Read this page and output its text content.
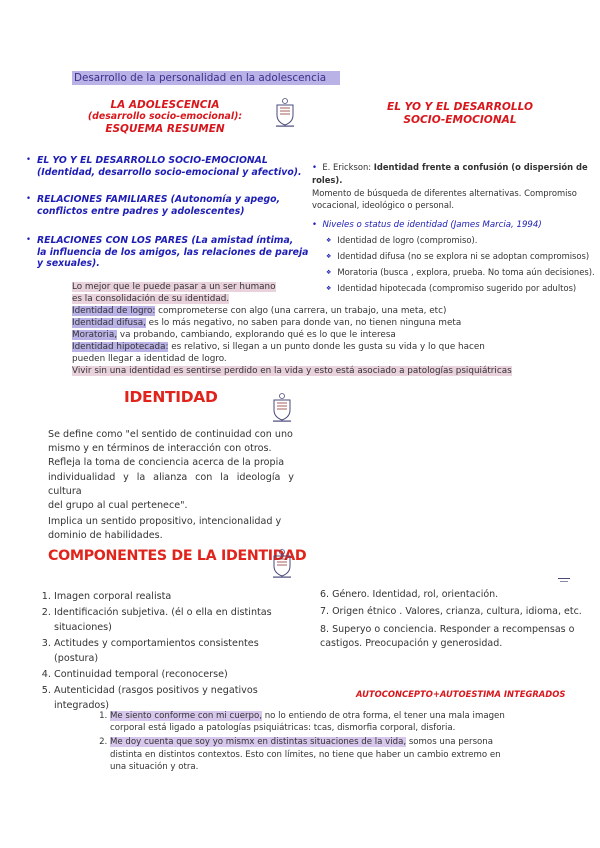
Desarrollo de la personalidad en la adolescencia
LA ADOLESCENCIA
(desarrollo socio-emocional):
ESQUEMA RESUMEN
EL YO Y EL DESARROLLO
SOCIO-EMOCIONAL
• EL YO Y EL DESARROLLO SOCIO-EMOCIONAL
(Identidad, desarrollo socio-emocional y afectivo).
• RELACIONES FAMILIARES (Autonomía y apego,
conflictos entre padres y adolescentes)
• RELACIONES CON LOS PARES (La amistad íntima,
la influencia de los amigos, las relaciones de pareja
y sexuales).
• E. Erickson: Identidad frente a confusión (o dispersión de roles).
Momento de búsqueda de diferentes alternativas. Compromiso
vocacional, ideológico o personal.
• Niveles o status de identidad (James Marcia, 1994)
❖ Identidad de logro (compromiso).
❖ Identidad difusa (no se explora ni se adoptan compromisos)
❖ Moratoria (busca , explora, prueba. No toma aún decisiones).
❖ Identidad hipotecada (compromiso sugerido por adultos)
Lo mejor que le puede pasar a un ser humano
es la consolidación de su identidad.
Identidad de logro: comprometerse con algo (una carrera, un trabajo, una meta, etc)
Identidad difusa, es lo más negativo, no saben para donde van, no tienen ninguna meta
Moratoria, va probando, cambiando, explorando qué es lo que le interesa
Identidad hipotecada: es relativo, si llegan a un punto donde les gusta su vida y lo que hacen
pueden llegar a identidad de logro.
Vivir sin una identidad es sentirse perdido en la vida y esto está asociado a patologías psiquiátricas
IDENTIDAD
Se define como "el sentido de continuidad con uno
mismo y en términos de interacción con otros.
Refleja la toma de conciencia acerca de la propia
individualidad y la alianza con la ideología y cultura
del grupo al cual pertenece".
Implica un sentido propositivo, intencionalidad y
dominio de habilidades.
COMPONENTES DE LA IDENTIDAD
1. Imagen corporal realista
2. Identificación subjetiva. (él o ella en distintas
situaciones)
3. Actitudes y comportamientos consistentes (postura)
4. Continuidad temporal (reconocerse)
5. Autenticidad (rasgos positivos y negativos
integrados)
6. Género. Identidad, rol, orientación.
7. Origen étnico . Valores, crianza, cultura, idioma, etc.
8. Superyo o conciencia. Responder a recompensas o
castigos. Preocupación y generosidad.
AUTOCONCEPTO+AUTOESTIMA INTEGRADOS
1. Me siento conforme con mi cuerpo, no lo entiendo de otra forma, el tener una mala imagen
corporal está ligado a patologías psiquiátricas: tcas, dismorfia corporal, disforia.
2. Me doy cuenta que soy yo mismx en distintas situaciones de la vida, somos una persona
distinta en distintos contextos. Esto con límites, no tiene que haber un cambio extremo en
una situación y otra.
